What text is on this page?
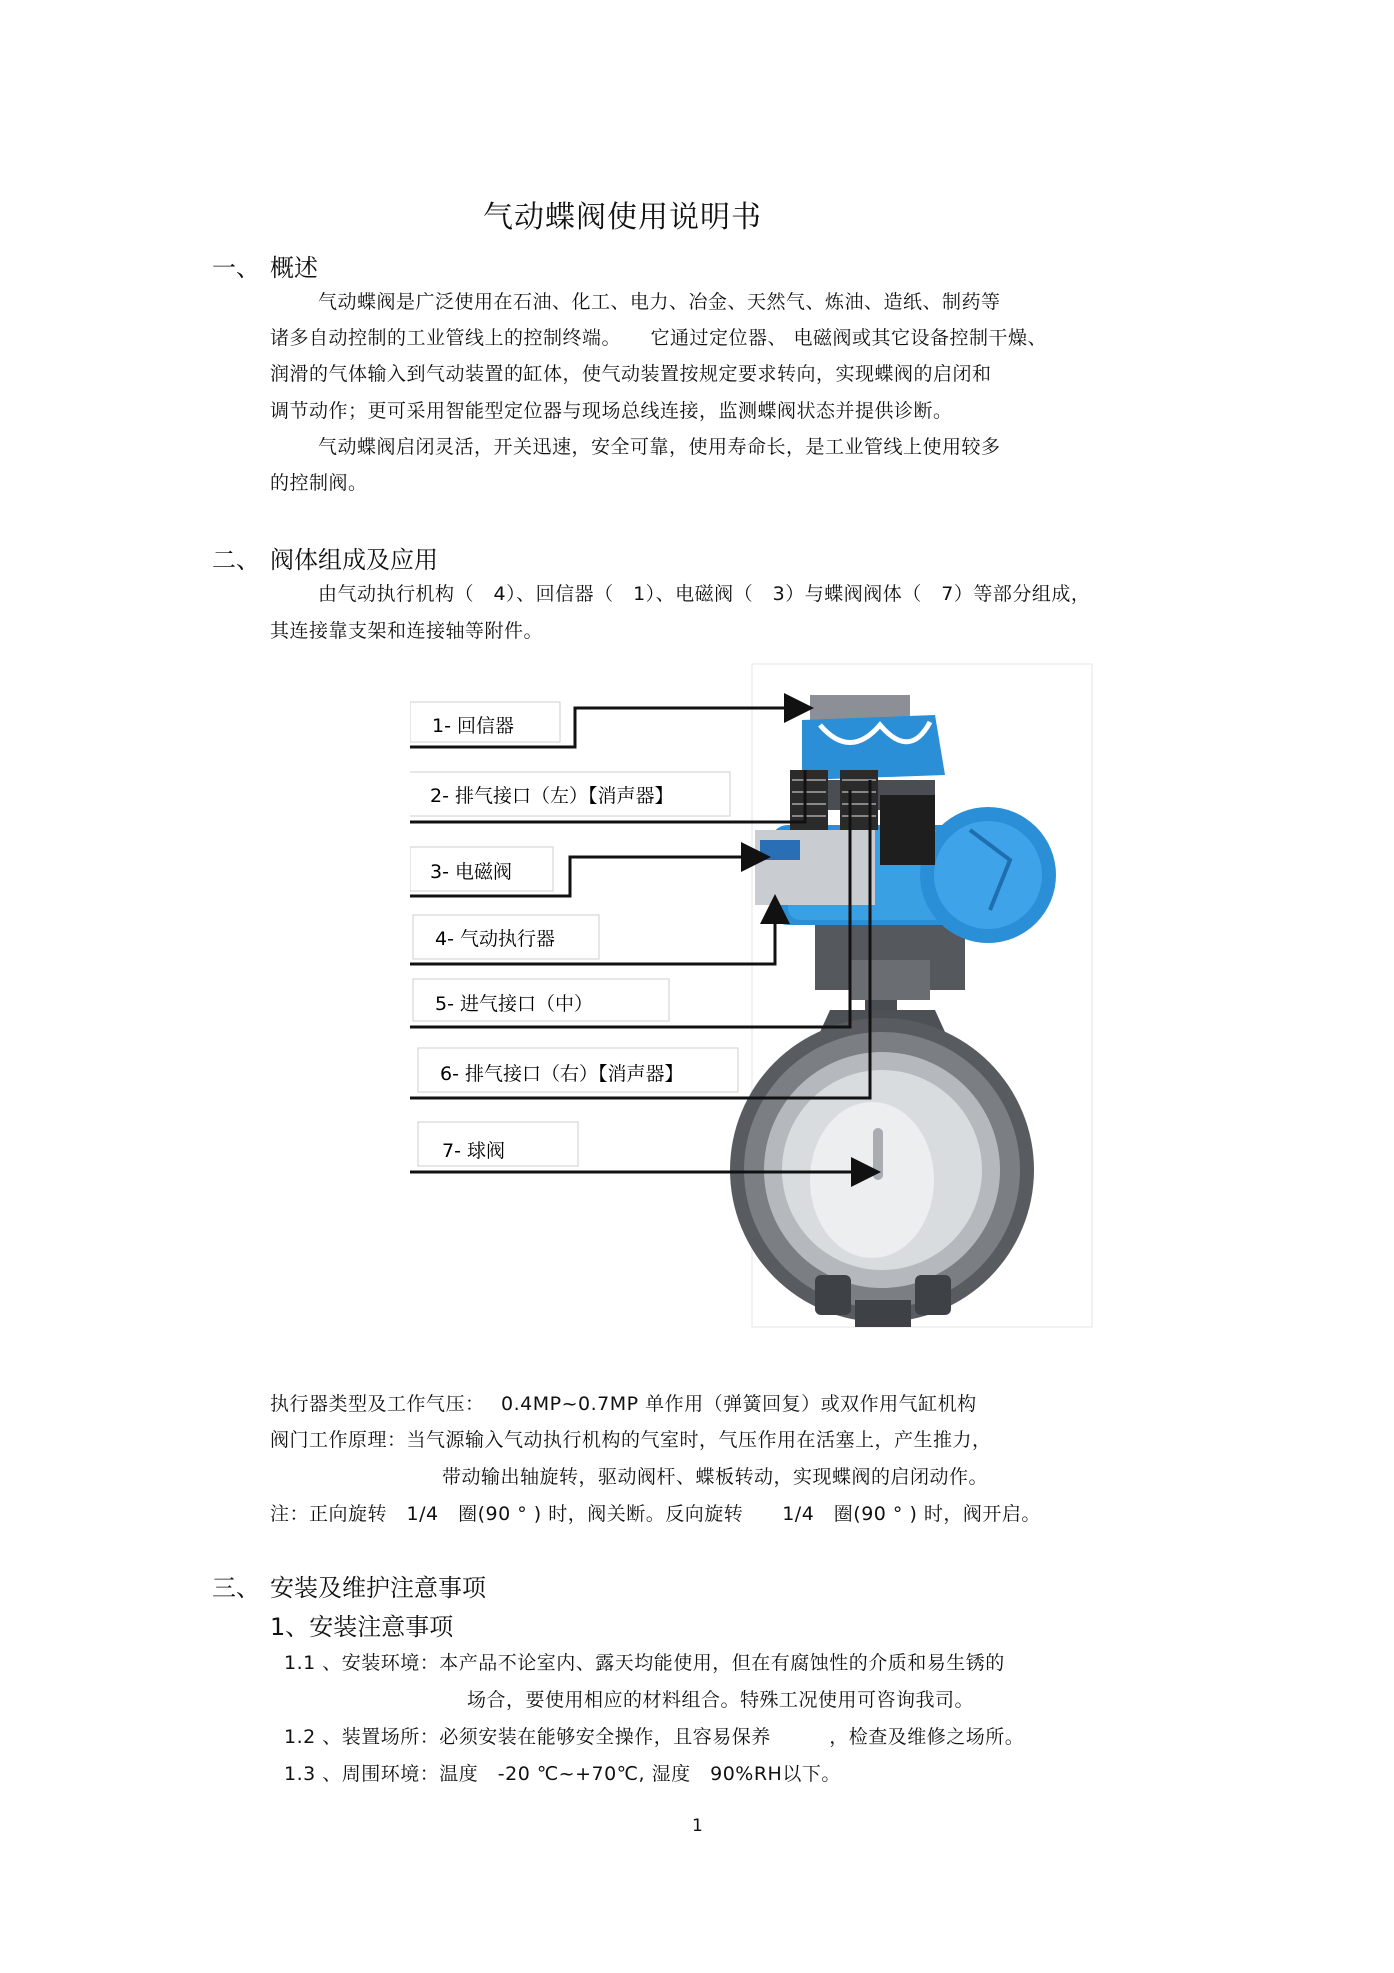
气动蝶阀使用说明书
一、 概述
气动蝶阀是广泛使用在石油、化工、电力、冶金、天然气、炼油、造纸、制药等
诸多自动控制的工业管线上的控制终端。　　它通过定位器、 电磁阀或其它设备控制干燥、
润滑的气体输入到气动装置的缸体，使气动装置按规定要求转向，实现蝶阀的启闭和
调节动作；更可采用智能型定位器与现场总线连接，监测蝶阀状态并提供诊断。
气动蝶阀启闭灵活，开关迅速，安全可靠，使用寿命长，是工业管线上使用较多
的控制阀。
二、 阀体组成及应用
由气动执行机构（　4）、回信器（　1）、电磁阀（　3）与蝶阀阀体（　7）等部分组成，
其连接靠支架和连接轴等附件。
1- 回信器
2- 排气接口（左）【消声器】
3- 电磁阀
4- 气动执行器
5- 进气接口（中）
6- 排气接口（右）【消声器】
7- 球阀
执行器类型及工作气压：　 0.4MP~0.7MP 单作用（弹簧回复）或双作用气缸机构
阀门工作原理：当气源输入气动执行机构的气室时，气压作用在活塞上，产生推力，
带动输出轴旋转，驱动阀杆、蝶板转动，实现蝶阀的启闭动作。
注：正向旋转　1/4　圈(90 ° ) 时，阀关断。反向旋转　　1/4　圈(90 ° ) 时，阀开启。
三、 安装及维护注意事项
1、安装注意事项
1.1 、安装环境：本产品不论室内、露天均能使用，但在有腐蚀性的介质和易生锈的
场合，要使用相应的材料组合。特殊工况使用可咨询我司。
1.2 、装置场所：必须安装在能够安全操作，且容易保养　　　，检查及维修之场所。
1.3 、周围环境：温度　-20 ℃~+70℃, 湿度　90%RH以下。
1
